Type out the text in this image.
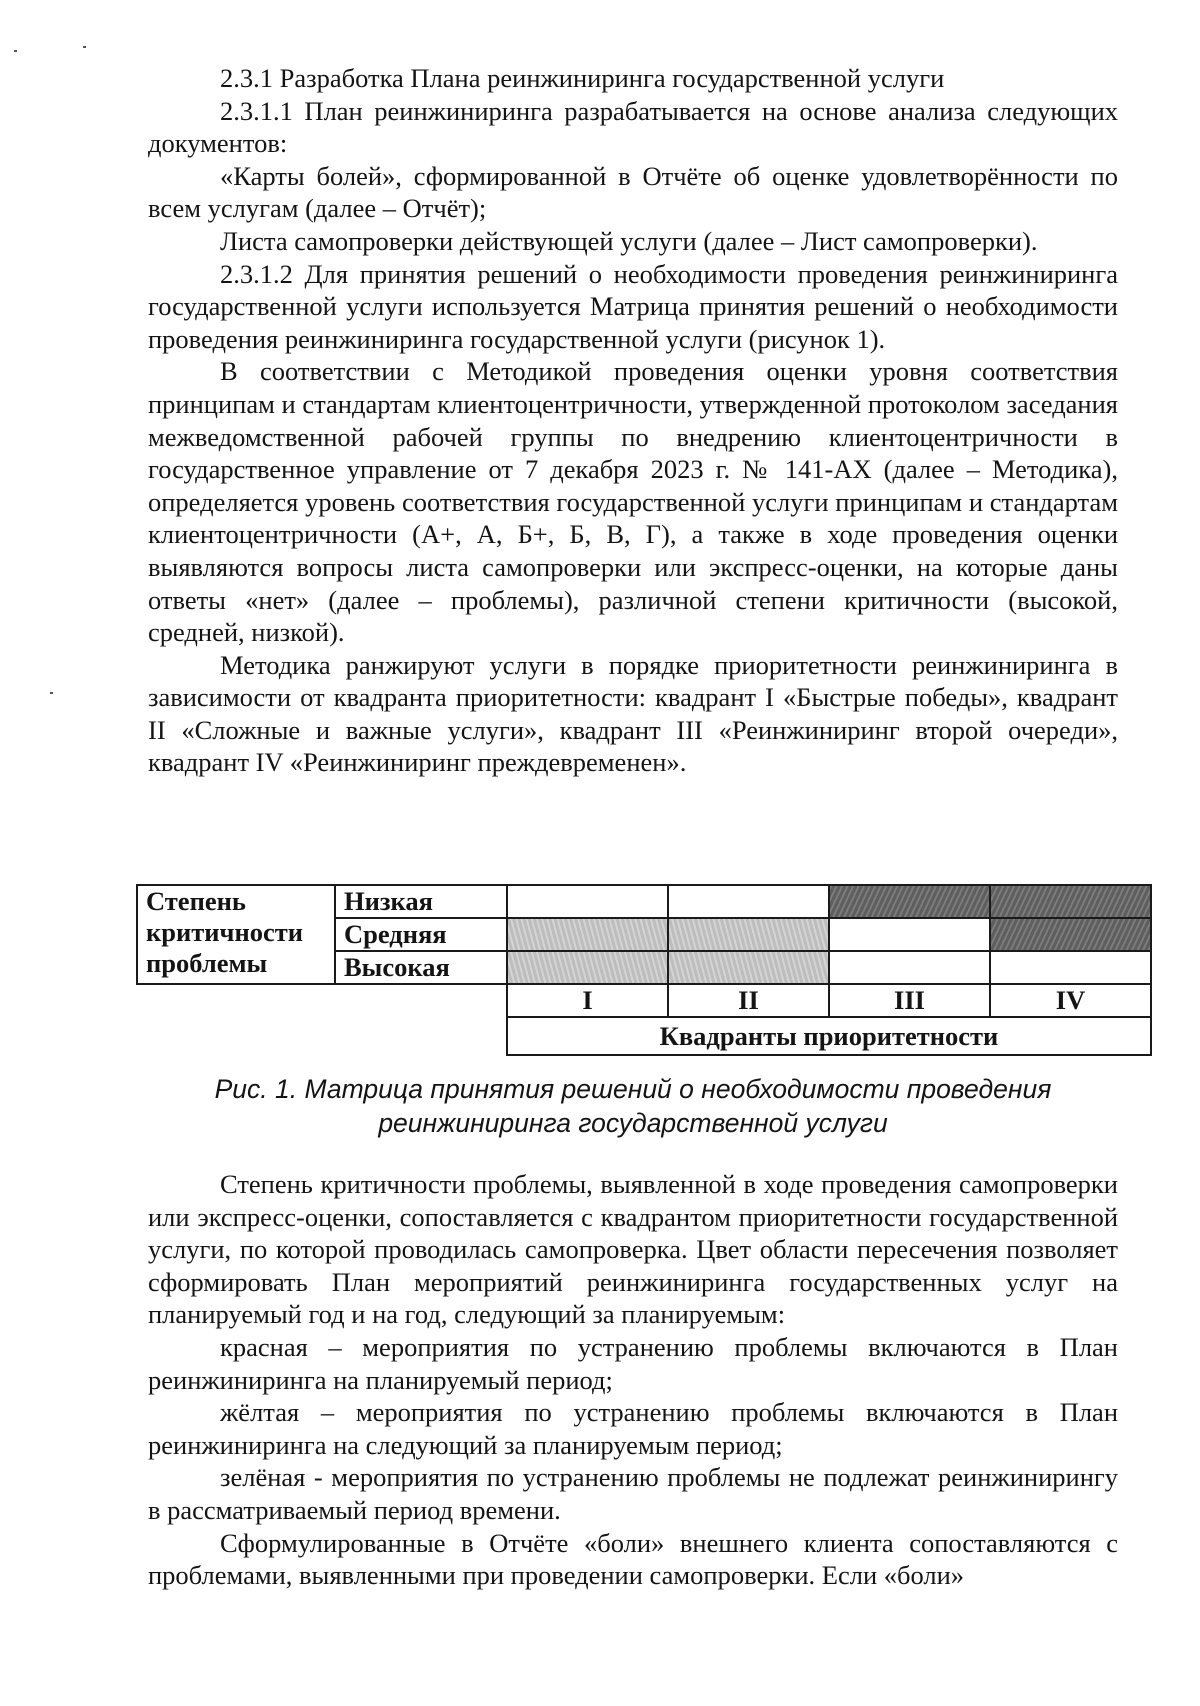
2.3.1 Разработка Плана реинжиниринга государственной услуги

2.3.1.1 План реинжиниринга разрабатывается на основе анализа следующих документов:

«Карты болей», сформированной в Отчёте об оценке удовлетворённости по всем услугам (далее – Отчёт);

Листа самопроверки действующей услуги (далее – Лист самопроверки).

2.3.1.2 Для принятия решений о необходимости проведения реинжиниринга государственной услуги используется Матрица принятия решений о необходимости проведения реинжиниринга государственной услуги (рисунок 1).

В соответствии с Методикой проведения оценки уровня соответствия принципам и стандартам клиентоцентричности, утвержденной протоколом заседания межведомственной рабочей группы по внедрению клиентоцентричности в государственное управление от 7 декабря 2023 г. № 141-АХ (далее – Методика), определяется уровень соответствия государственной услуги принципам и стандартам клиентоцентричности (А+, А, Б+, Б, В, Г), а также в ходе проведения оценки выявляются вопросы листа самопроверки или экспресс-оценки, на которые даны ответы «нет» (далее – проблемы), различной степени критичности (высокой, средней, низкой).

Методика ранжируют услуги в порядке приоритетности реинжиниринга в зависимости от квадранта приоритетности: квадрант I «Быстрые победы», квадрант II «Сложные и важные услуги», квадрант III «Реинжиниринг второй очереди», квадрант IV «Реинжиниринг преждевременен».

Степень
критичности
проблемы	Низкая				
	Средняя				
	Высокая				
		I	II	III	IV
		Квадранты приоритетности			
Рис. 1. Матрица принятия решений о необходимости проведения
реинжиниринга государственной услуги

Степень критичности проблемы, выявленной в ходе проведения самопроверки или экспресс-оценки, сопоставляется с квадрантом приоритетности государственной услуги, по которой проводилась самопроверка. Цвет области пересечения позволяет сформировать План мероприятий реинжиниринга государственных услуг на планируемый год и на год, следующий за планируемым:

красная – мероприятия по устранению проблемы включаются в План реинжиниринга на планируемый период;

жёлтая – мероприятия по устранению проблемы включаются в План реинжиниринга на следующий за планируемым период;

зелёная - мероприятия по устранению проблемы не подлежат реинжинирингу в рассматриваемый период времени.

Сформулированные в Отчёте «боли» внешнего клиента сопоставляются с проблемами, выявленными при проведении самопроверки. Если «боли»
